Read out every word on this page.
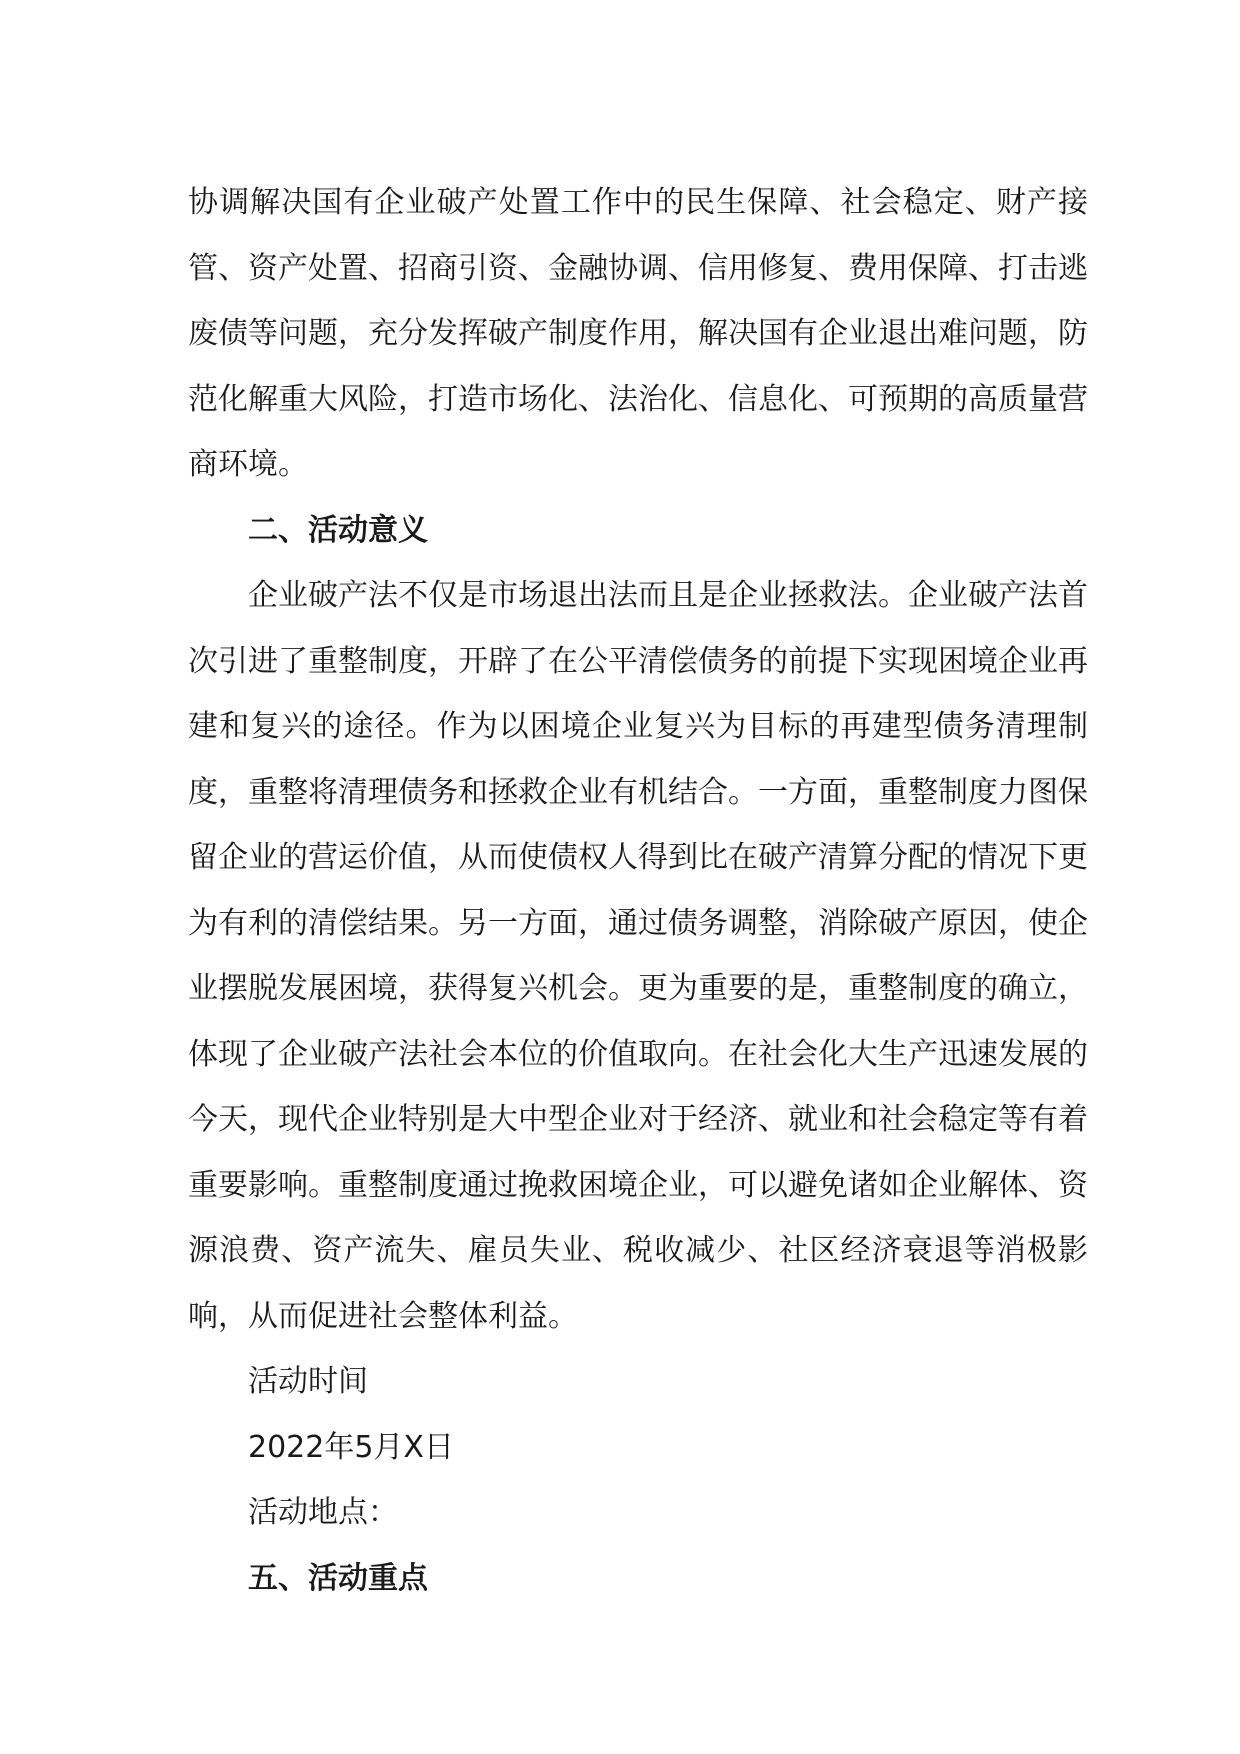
协调解决国有企业破产处置工作中的民生保障、社会稳定、财产接管、资产处置、招商引资、金融协调、信用修复、费用保障、打击逃废债等问题，充分发挥破产制度作用，解决国有企业退出难问题，防范化解重大风险，打造市场化、法治化、信息化、可预期的高质量营商环境。

二、活动意义

企业破产法不仅是市场退出法而且是企业拯救法。企业破产法首次引进了重整制度，开辟了在公平清偿债务的前提下实现困境企业再建和复兴的途径。作为以困境企业复兴为目标的再建型债务清理制度，重整将清理债务和拯救企业有机结合。一方面，重整制度力图保留企业的营运价值，从而使债权人得到比在破产清算分配的情况下更为有利的清偿结果。另一方面，通过债务调整，消除破产原因，使企业摆脱发展困境，获得复兴机会。更为重要的是，重整制度的确立，体现了企业破产法社会本位的价值取向。在社会化大生产迅速发展的今天，现代企业特别是大中型企业对于经济、就业和社会稳定等有着重要影响。重整制度通过挽救困境企业，可以避免诸如企业解体、资源浪费、资产流失、雇员失业、税收减少、社区经济衰退等消极影响，从而促进社会整体利益。

活动时间

2022年5月X日

活动地点：

五、活动重点
